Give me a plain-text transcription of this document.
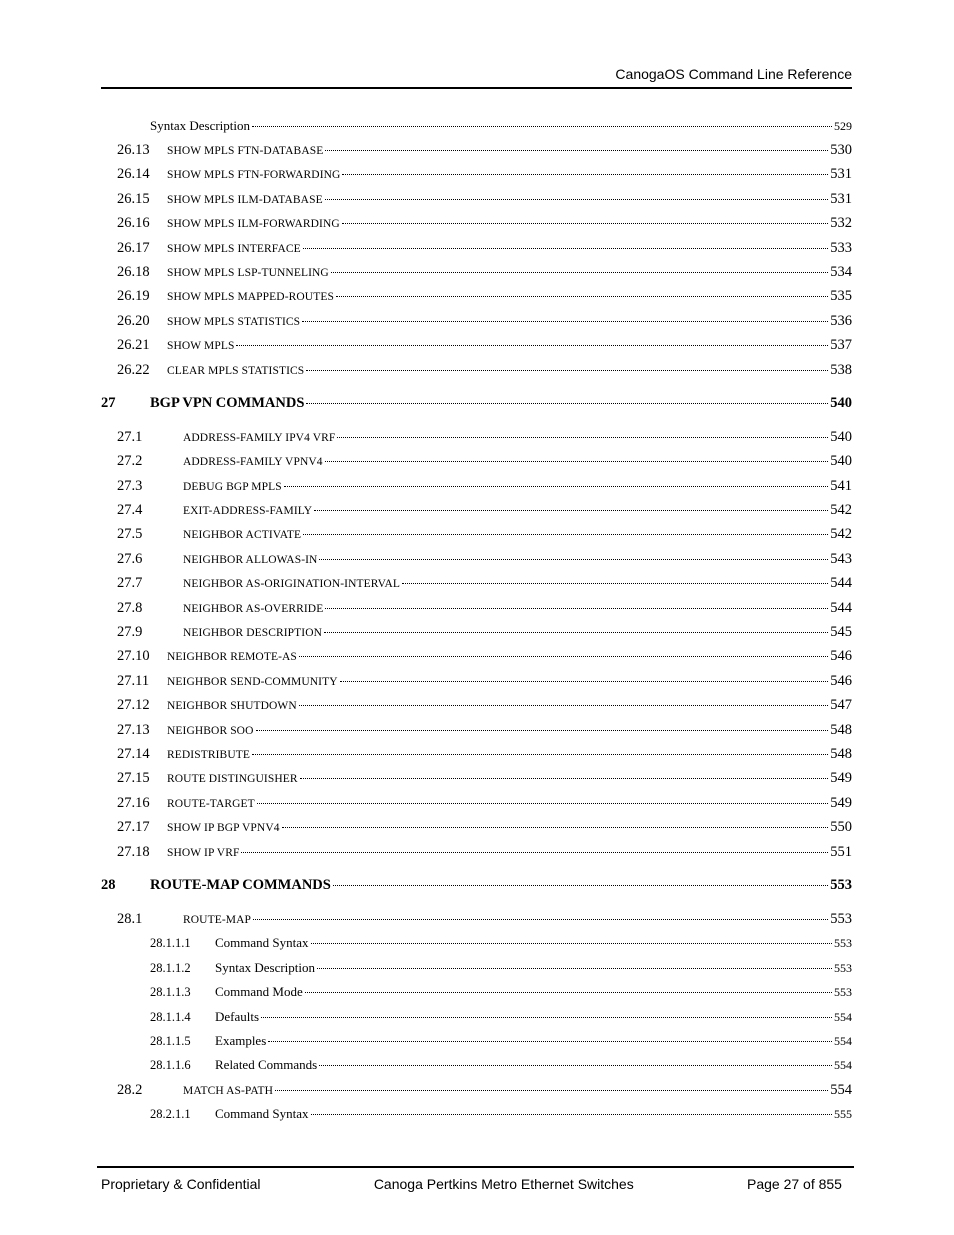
CanogaOS Command Line Reference
Syntax Description	529
26.13	SHOW MPLS FTN-DATABASE	530
26.14	SHOW MPLS FTN-FORWARDING	531
26.15	SHOW MPLS ILM-DATABASE	531
26.16	SHOW MPLS ILM-FORWARDING	532
26.17	SHOW MPLS INTERFACE	533
26.18	SHOW MPLS LSP-TUNNELING	534
26.19	SHOW MPLS MAPPED-ROUTES	535
26.20	SHOW MPLS STATISTICS	536
26.21	SHOW MPLS	537
26.22	CLEAR MPLS STATISTICS	538
27	BGP VPN COMMANDS	540
27.1	ADDRESS-FAMILY IPV4 VRF	540
27.2	ADDRESS-FAMILY VPNV4	540
27.3	DEBUG BGP MPLS	541
27.4	EXIT-ADDRESS-FAMILY	542
27.5	NEIGHBOR ACTIVATE	542
27.6	NEIGHBOR ALLOWAS-IN	543
27.7	NEIGHBOR AS-ORIGINATION-INTERVAL	544
27.8	NEIGHBOR AS-OVERRIDE	544
27.9	NEIGHBOR DESCRIPTION	545
27.10	NEIGHBOR REMOTE-AS	546
27.11	NEIGHBOR SEND-COMMUNITY	546
27.12	NEIGHBOR SHUTDOWN	547
27.13	NEIGHBOR SOO	548
27.14	REDISTRIBUTE	548
27.15	ROUTE DISTINGUISHER	549
27.16	ROUTE-TARGET	549
27.17	SHOW IP BGP VPNV4	550
27.18	SHOW IP VRF	551
28	ROUTE-MAP COMMANDS	553
28.1	ROUTE-MAP	553
28.1.1.1	Command Syntax	553
28.1.1.2	Syntax Description	553
28.1.1.3	Command Mode	553
28.1.1.4	Defaults	554
28.1.1.5	Examples	554
28.1.1.6	Related Commands	554
28.2	MATCH AS-PATH	554
28.2.1.1	Command Syntax	555
Proprietary & Confidential	Canoga Pertkins Metro Ethernet Switches	Page 27 of 855
